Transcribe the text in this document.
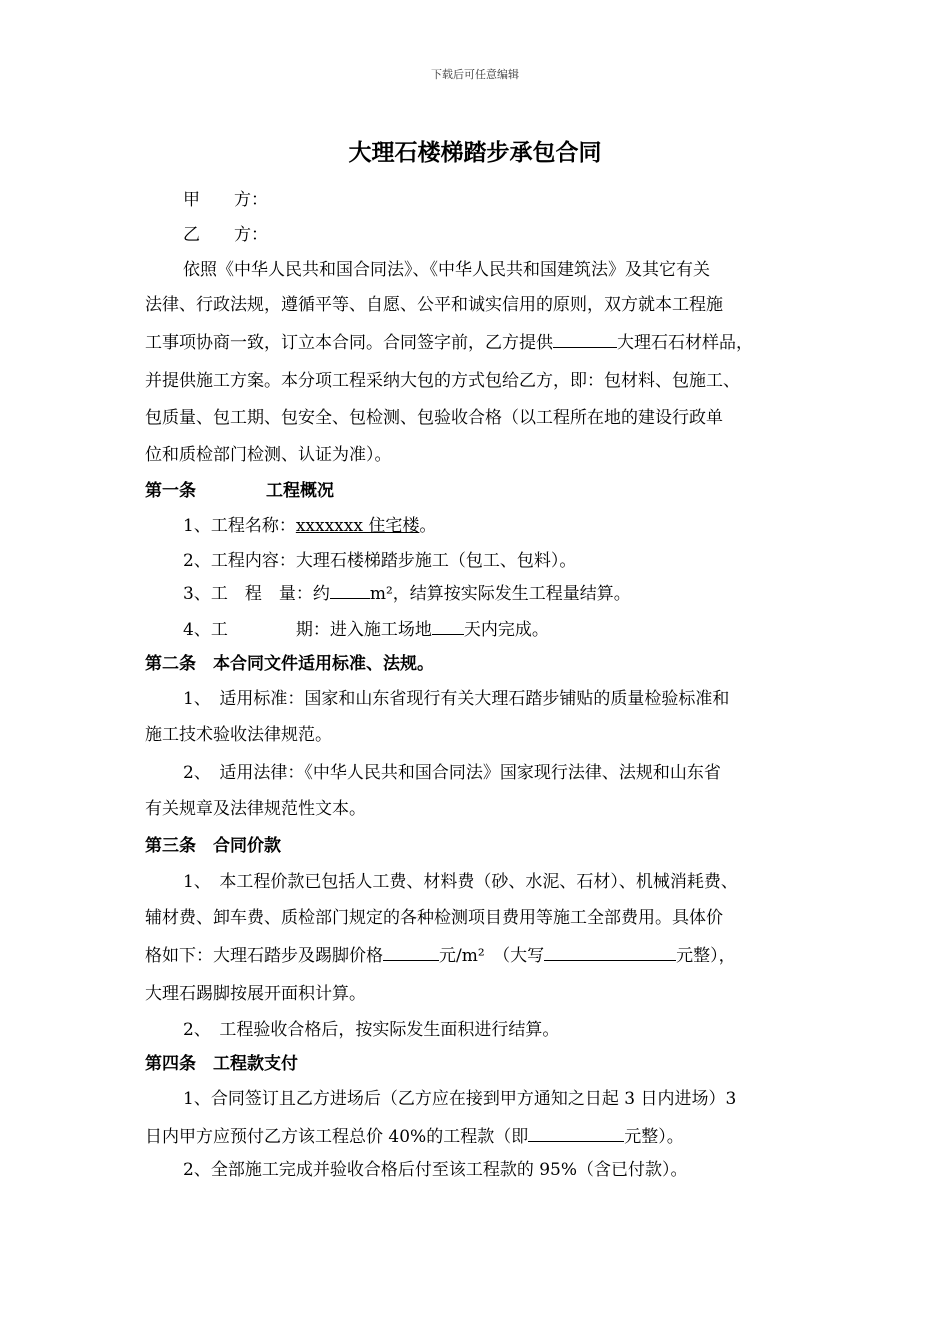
下载后可任意编辑
大理石楼梯踏步承包合同
甲　　方：
乙　　方：
依照《中华人民共和国合同法》、《中华人民共和国建筑法》及其它有关
法律、行政法规，遵循平等、自愿、公平和诚实信用的原则，双方就本工程施
工事项协商一致，订立本合同。合同签字前，乙方提供	大理石石材样品，
并提供施工方案。本分项工程采纳大包的方式包给乙方，即：包材料、包施工、
包质量、包工期、包安全、包检测、包验收合格（以工程所在地的建设行政单
位和质检部门检测、认证为准）。
第一条	工程概况
1、工程名称：xxxxxxx 住宅楼。
2、工程内容：大理石楼梯踏步施工（包工、包料）。
3、工　程　量：约 m²，结算按实际发生工程量结算。
4、工　　　　期：进入施工场地 天内完成。
第二条　本合同文件适用标准、法规。
1、　适用标准：国家和山东省现行有关大理石踏步铺贴的质量检验标准和
施工技术验收法律规范。
2、　适用法律：《中华人民共和国合同法》国家现行法律、法规和山东省
有关规章及法律规范性文本。
第三条　合同价款
1、　本工程价款已包括人工费、材料费（砂、水泥、石材）、机械消耗费、
辅材费、卸车费、质检部门规定的各种检测项目费用等施工全部费用。具体价
格如下：大理石踏步及踢脚价格	元/m²　（大写	元整），
大理石踢脚按展开面积计算。
2、　工程验收合格后，按实际发生面积进行结算。
第四条　工程款支付
1、合同签订且乙方进场后（乙方应在接到甲方通知之日起 3 日内进场）3
日内甲方应预付乙方该工程总价 40%的工程款（即	元整）。
2、全部施工完成并验收合格后付至该工程款的 95%（含已付款）。
